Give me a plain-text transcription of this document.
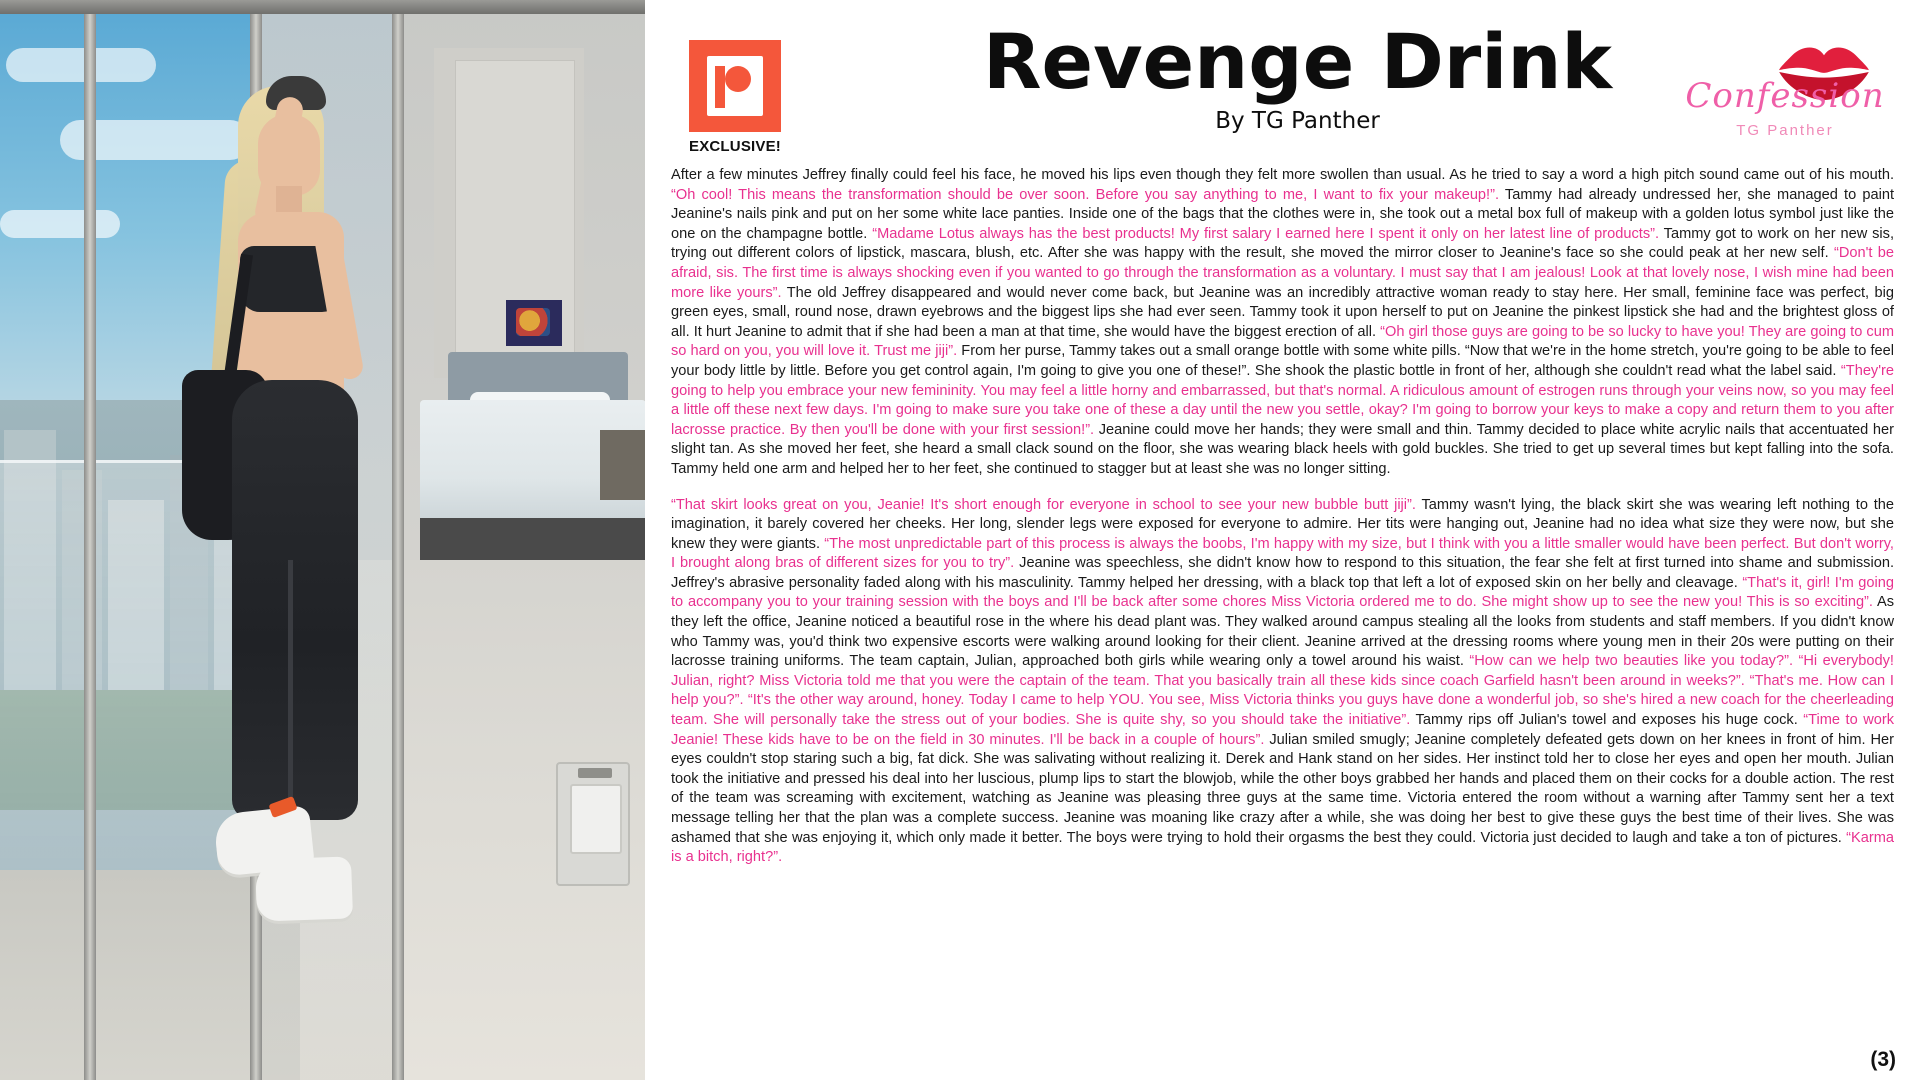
EXCLUSIVE!
Revenge Drink
By TG Panther
Confession
TG Panther

After a few minutes Jeffrey finally could feel his face, he moved his lips even though they felt more swollen than usual. As he tried to say a word a high pitch sound came out of his mouth. “Oh cool! This means the transformation should be over soon. Before you say anything to me, I want to fix your makeup!”. Tammy had already undressed her, she managed to paint Jeanine's nails pink and put on her some white lace panties. Inside one of the bags that the clothes were in, she took out a metal box full of makeup with a golden lotus symbol just like the one on the champagne bottle. “Madame Lotus always has the best products! My first salary I earned here I spent it only on her latest line of products”. Tammy got to work on her new sis, trying out different colors of lipstick, mascara, blush, etc. After she was happy with the result, she moved the mirror closer to Jeanine's face so she could peak at her new self. “Don't be afraid, sis. The first time is always shocking even if you wanted to go through the transformation as a voluntary. I must say that I am jealous! Look at that lovely nose, I wish mine had been more like yours”. The old Jeffrey disappeared and would never come back, but Jeanine was an incredibly attractive woman ready to stay here. Her small, feminine face was perfect, big green eyes, small, round nose, drawn eyebrows and the biggest lips she had ever seen. Tammy took it upon herself to put on Jeanine the pinkest lipstick she had and the brightest gloss of all. It hurt Jeanine to admit that if she had been a man at that time, she would have the biggest erection of all. “Oh girl those guys are going to be so lucky to have you! They are going to cum so hard on you, you will love it. Trust me jiji”. From her purse, Tammy takes out a small orange bottle with some white pills. “Now that we're in the home stretch, you're going to be able to feel your body little by little. Before you get control again, I'm going to give you one of these!”. She shook the plastic bottle in front of her, although she couldn't read what the label said. “They're going to help you embrace your new femininity. You may feel a little horny and embarrassed, but that's normal. A ridiculous amount of estrogen runs through your veins now, so you may feel a little off these next few days. I'm going to make sure you take one of these a day until the new you settle, okay? I'm going to borrow your keys to make a copy and return them to you after lacrosse practice. By then you'll be done with your first session!”. Jeanine could move her hands; they were small and thin. Tammy decided to place white acrylic nails that accentuated her slight tan. As she moved her feet, she heard a small clack sound on the floor, she was wearing black heels with gold buckles. She tried to get up several times but kept falling into the sofa. Tammy held one arm and helped her to her feet, she continued to stagger but at least she was no longer sitting.

“That skirt looks great on you, Jeanie! It's short enough for everyone in school to see your new bubble butt jiji”. Tammy wasn't lying, the black skirt she was wearing left nothing to the imagination, it barely covered her cheeks. Her long, slender legs were exposed for everyone to admire. Her tits were hanging out, Jeanine had no idea what size they were now, but she knew they were giants. “The most unpredictable part of this process is always the boobs, I'm happy with my size, but I think with you a little smaller would have been perfect. But don't worry, I brought along bras of different sizes for you to try”. Jeanine was speechless, she didn't know how to respond to this situation, the fear she felt at first turned into shame and submission. Jeffrey's abrasive personality faded along with his masculinity. Tammy helped her dressing, with a black top that left a lot of exposed skin on her belly and cleavage. “That's it, girl! I'm going to accompany you to your training session with the boys and I'll be back after some chores Miss Victoria ordered me to do. She might show up to see the new you! This is so exciting”. As they left the office, Jeanine noticed a beautiful rose in the where his dead plant was. They walked around campus stealing all the looks from students and staff members. If you didn't know who Tammy was, you'd think two expensive escorts were walking around looking for their client. Jeanine arrived at the dressing rooms where young men in their 20s were putting on their lacrosse training uniforms. The team captain, Julian, approached both girls while wearing only a towel around his waist. “How can we help two beauties like you today?”. “Hi everybody! Julian, right? Miss Victoria told me that you were the captain of the team. That you basically train all these kids since coach Garfield hasn't been around in weeks?”. “That's me. How can I help you?”. “It's the other way around, honey. Today I came to help YOU. You see, Miss Victoria thinks you guys have done a wonderful job, so she's hired a new coach for the cheerleading team. She will personally take the stress out of your bodies. She is quite shy, so you should take the initiative”. Tammy rips off Julian's towel and exposes his huge cock. “Time to work Jeanie! These kids have to be on the field in 30 minutes. I'll be back in a couple of hours”. Julian smiled smugly; Jeanine completely defeated gets down on her knees in front of him. Her eyes couldn't stop staring such a big, fat dick. She was salivating without realizing it. Derek and Hank stand on her sides. Her instinct told her to close her eyes and open her mouth. Julian took the initiative and pressed his deal into her luscious, plump lips to start the blowjob, while the other boys grabbed her hands and placed them on their cocks for a double action. The rest of the team was screaming with excitement, watching as Jeanine was pleasing three guys at the same time. Victoria entered the room without a warning after Tammy sent her a text message telling her that the plan was a complete success. Jeanine was moaning like crazy after a while, she was doing her best to give these guys the best time of their lives. She was ashamed that she was enjoying it, which only made it better. The boys were trying to hold their orgasms the best they could. Victoria just decided to laugh and take a ton of pictures. “Karma is a bitch, right?”.

(3)
